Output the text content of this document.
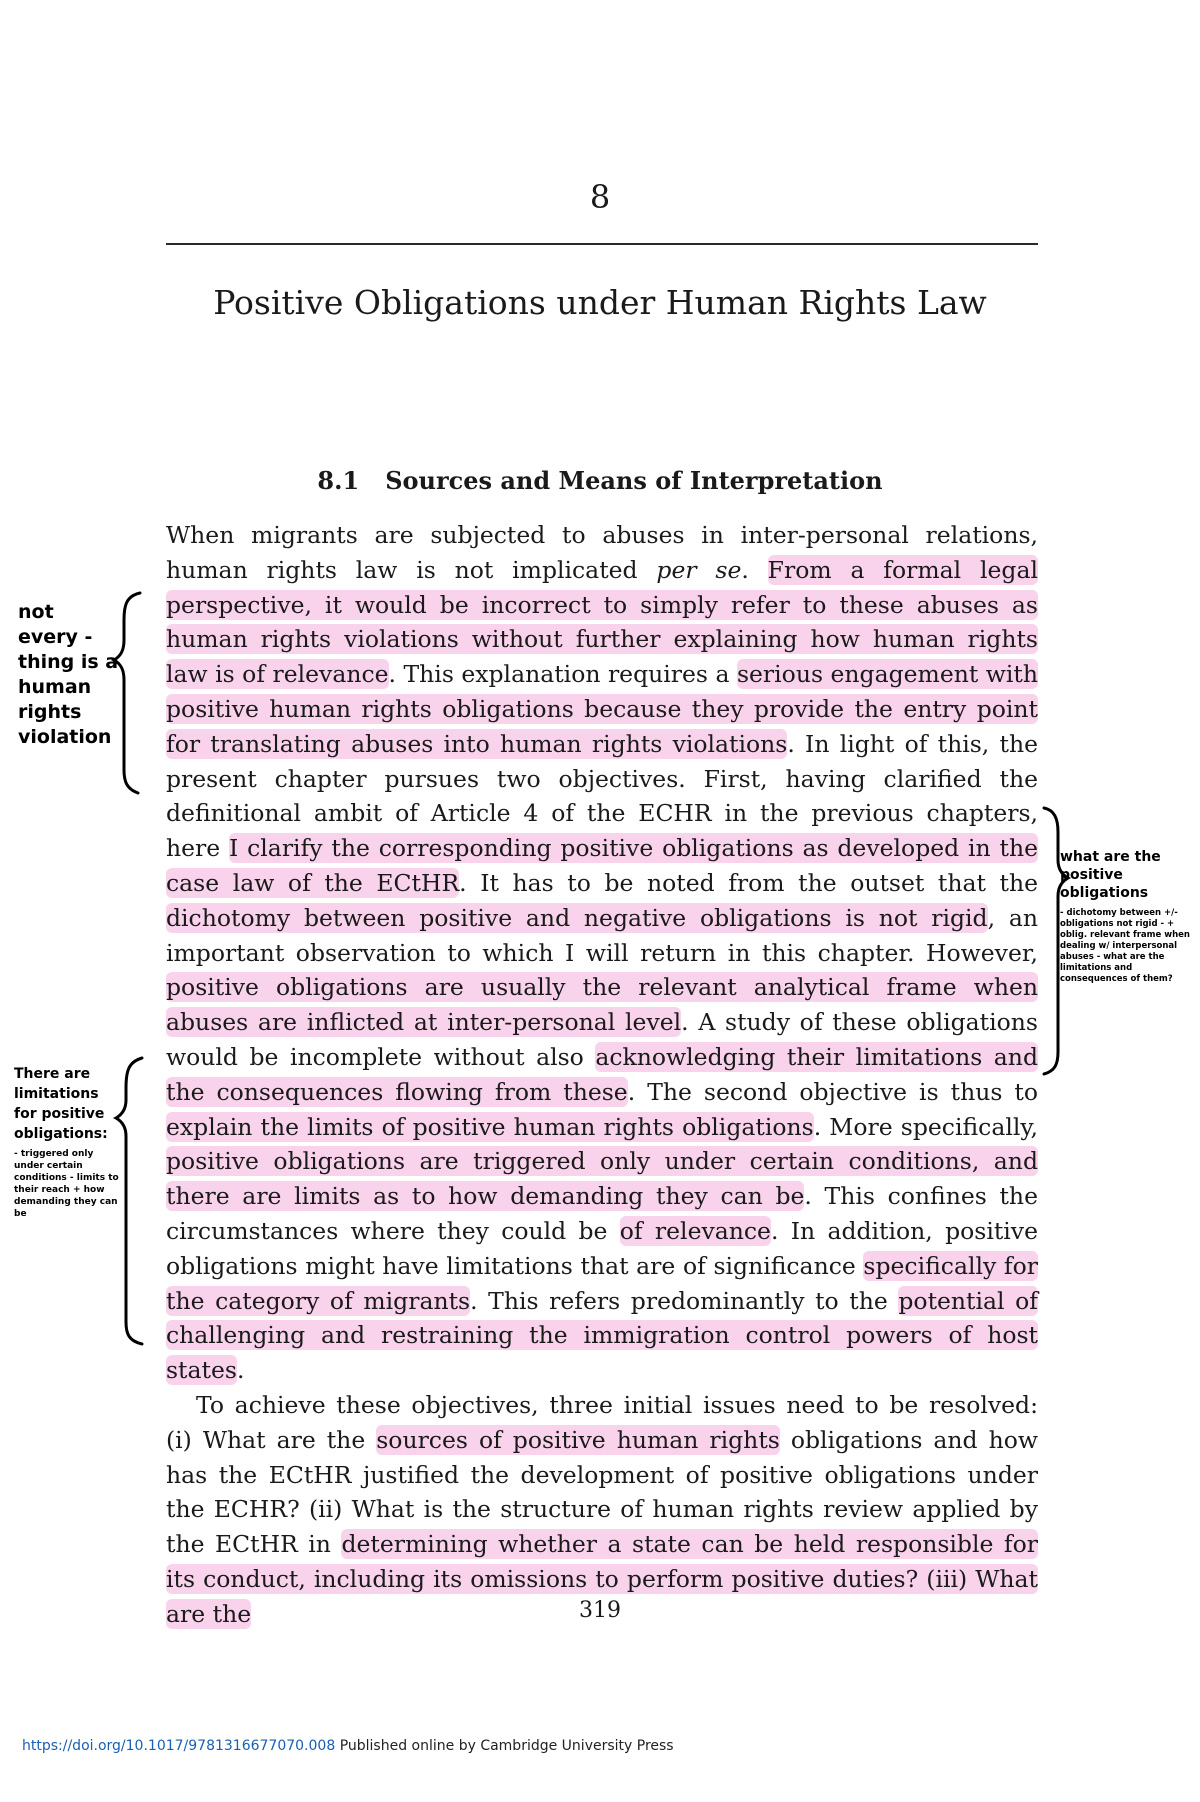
8
Positive Obligations under Human Rights Law
8.1 Sources and Means of Interpretation

When migrants are subjected to abuses in inter-personal relations, human rights law is not implicated per se. From a formal legal perspective, it would be incorrect to simply refer to these abuses as human rights violations without further explaining how human rights law is of relevance. This explanation requires a serious engagement with positive human rights obligations because they provide the entry point for translating abuses into human rights violations. In light of this, the present chapter pursues two objectives. First, having clarified the definitional ambit of Article 4 of the ECHR in the previous chapters, here I clarify the corresponding positive obligations as developed in the case law of the ECtHR. It has to be noted from the outset that the dichotomy between positive and negative obligations is not rigid, an important observation to which I will return in this chapter. However, positive obligations are usually the relevant analytical frame when abuses are inflicted at inter-personal level. A study of these obligations would be incomplete without also acknowledging their limitations and the consequences flowing from these. The second objective is thus to explain the limits of positive human rights obligations. More specifically, positive obligations are triggered only under certain conditions, and there are limits as to how demanding they can be. This confines the circumstances where they could be of relevance. In addition, positive obligations might have limitations that are of significance specifically for the category of migrants. This refers predominantly to the potential of challenging and restraining the immigration control powers of host states.

To achieve these objectives, three initial issues need to be resolved: (i) What are the sources of positive human rights obligations and how has the ECtHR justified the development of positive obligations under the ECHR? (ii) What is the structure of human rights review applied by the ECtHR in determining whether a state can be held responsible for its conduct, including its omissions to perform positive duties? (iii) What are the	319
https://doi.org/10.1017/9781316677070.008 Published online by Cambridge University Press
not every -thing is a human rights violation
There are limitations for positive obligations:
- triggered only under certain conditions - limits to their reach + how demanding they can be
what are the positive obligations
- dichotomy between +/- obligations not rigid - + oblig. relevant frame when dealing w/ interpersonal abuses - what are the limitations and consequences of them?
